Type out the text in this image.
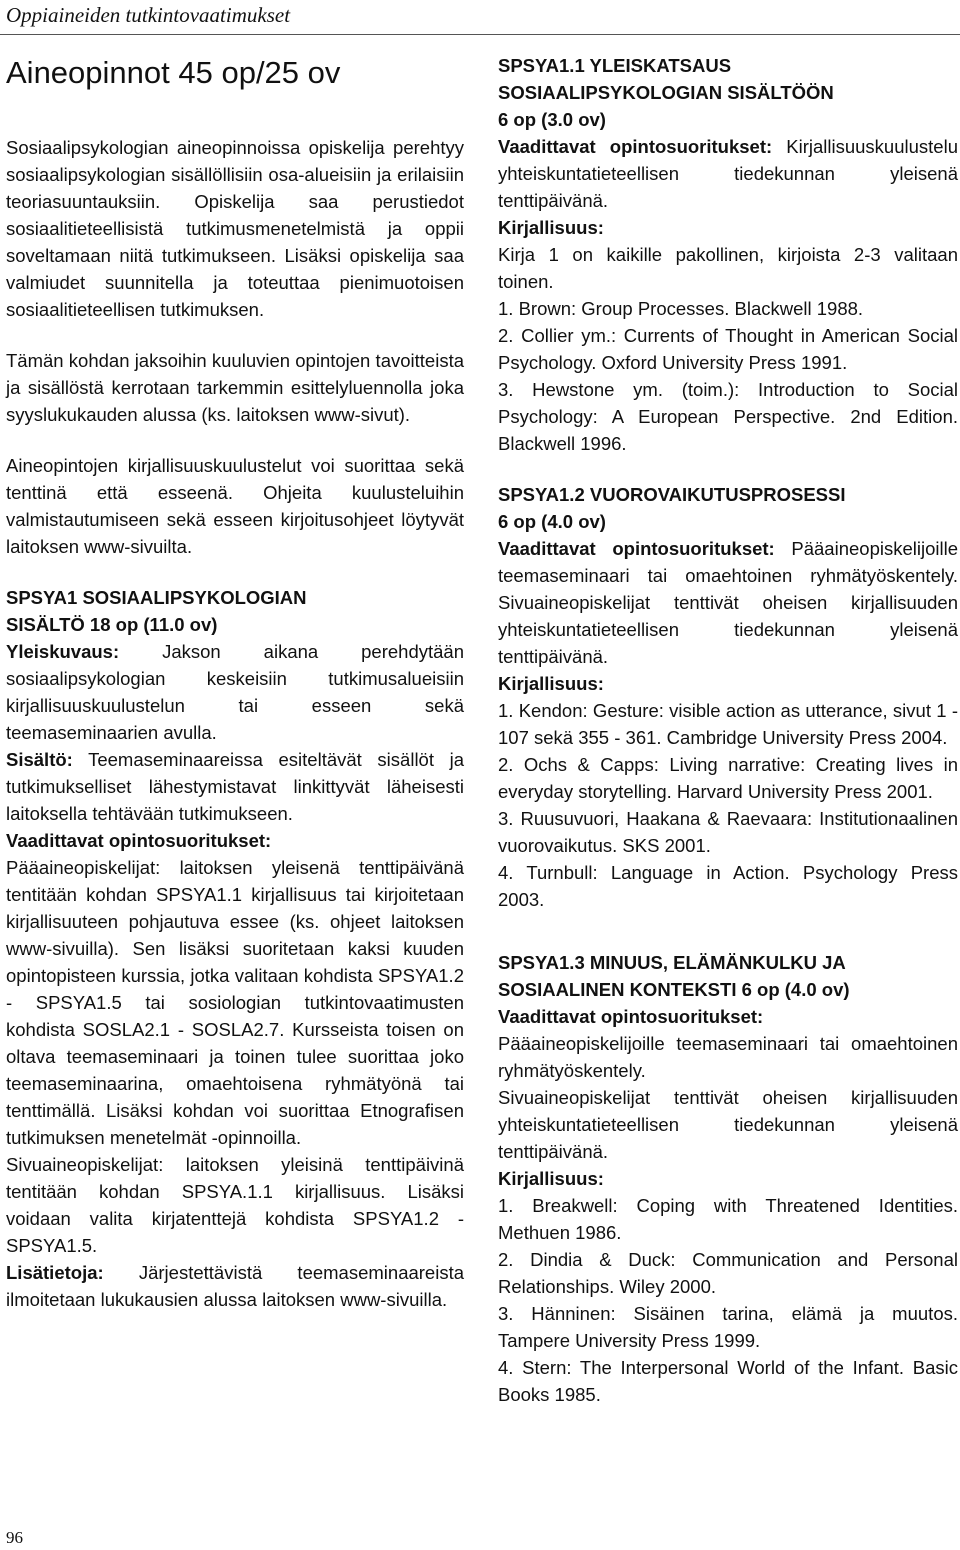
Oppiaineiden tutkintovaatimukset
Aineopinnot 45 op/25 ov

Sosiaalipsykologian aineopinnoissa opiskelija perehtyy sosiaalipsykologian sisällöllisiin osa-alueisiin ja erilaisiin teoriasuuntauksiin. Opiskelija saa perustiedot sosiaalitieteellisistä tutkimusmenetelmistä ja oppii soveltamaan niitä tutkimukseen. Lisäksi opiskelija saa valmiudet suunnitella ja toteuttaa pienimuotoisen sosiaalitieteellisen tutkimuksen.

Tämän kohdan jaksoihin kuuluvien opintojen tavoitteista ja sisällöstä kerrotaan tarkemmin esittelyluennolla joka syyslukukauden alussa (ks. laitoksen www-sivut).

Aineopintojen kirjallisuuskuulustelut voi suorittaa sekä tenttinä että esseenä. Ohjeita kuulusteluihin valmistautumiseen sekä esseen kirjoitusohjeet löytyvät laitoksen www-sivuilta.

SPSYA1 SOSIAALIPSYKOLOGIAN

SISÄLTÖ 18 op (11.0 ov)

Yleiskuvaus: Jakson aikana perehdytään sosiaalipsykologian keskeisiin tutkimusalueisiin kirjallisuuskuulustelun tai esseen sekä teemaseminaarien avulla.

Sisältö: Teemaseminaareissa esiteltävät sisällöt ja tutkimukselliset lähestymistavat linkittyvät läheisesti laitoksella tehtävään tutkimukseen.

Vaadittavat opintosuoritukset:

Pääaineopiskelijat: laitoksen yleisenä tenttipäivänä tentitään kohdan SPSYA1.1 kirjallisuus tai kirjoitetaan kirjallisuuteen pohjautuva essee (ks. ohjeet laitoksen www-sivuilla). Sen lisäksi suoritetaan kaksi kuuden opintopisteen kurssia, jotka valitaan kohdista SPSYA1.2 - SPSYA1.5 tai sosiologian tutkintovaatimusten kohdista SOSLA2.1 - SOSLA2.7. Kursseista toisen on oltava teemaseminaari ja toinen tulee suorittaa joko teemaseminaarina, omaehtoisena ryhmätyönä tai tenttimällä. Lisäksi kohdan voi suorittaa Etnografisen tutkimuksen menetelmät -opinnoilla.

Sivuaineopiskelijat: laitoksen yleisinä tenttipäivinä tentitään kohdan SPSYA.1.1 kirjallisuus. Lisäksi voidaan valita kirjatenttejä kohdista SPSYA1.2 - SPSYA1.5.

Lisätietoja: Järjestettävistä teemaseminaareista ilmoitetaan lukukausien alussa laitoksen www-sivuilla.

SPSYA1.1 YLEISKATSAUS

SOSIAALIPSYKOLOGIAN SISÄLTÖÖN

6 op (3.0 ov)

Vaadittavat opintosuoritukset: Kirjallisuuskuulustelu yhteiskuntatieteellisen tiedekunnan yleisenä tenttipäivänä.

Kirjallisuus:

Kirja 1 on kaikille pakollinen, kirjoista 2-3 valitaan toinen.

1. Brown: Group Processes. Blackwell 1988.

2. Collier ym.: Currents of Thought in American Social Psychology. Oxford University Press 1991.

3. Hewstone ym. (toim.): Introduction to Social Psychology: A European Perspective. 2nd Edition. Blackwell 1996.

SPSYA1.2 VUOROVAIKUTUSPROSESSI

6 op (4.0 ov)

Vaadittavat opintosuoritukset: Pääaineopiskelijoille teemaseminaari tai omaehtoinen ryhmätyöskentely. Sivuaineopiskelijat tenttivät oheisen kirjallisuuden yhteiskuntatieteellisen tiedekunnan yleisenä tenttipäivänä.

Kirjallisuus:

1. Kendon: Gesture: visible action as utterance, sivut 1 - 107 sekä 355 - 361. Cambridge University Press 2004.

2. Ochs & Capps: Living narrative: Creating lives in everyday storytelling. Harvard University Press 2001.

3. Ruusuvuori, Haakana & Raevaara: Institutionaalinen vuorovaikutus. SKS 2001.

4. Turnbull: Language in Action. Psychology Press 2003.

SPSYA1.3 MINUUS, ELÄMÄNKULKU JA

SOSIAALINEN KONTEKSTI 6 op (4.0 ov)

Vaadittavat opintosuoritukset:

Pääaineopiskelijoille teemaseminaari tai omaehtoinen ryhmätyöskentely.

Sivuaineopiskelijat tenttivät oheisen kirjallisuuden yhteiskuntatieteellisen tiedekunnan yleisenä tenttipäivänä.

Kirjallisuus:

1. Breakwell: Coping with Threatened Identities. Methuen 1986.

2. Dindia & Duck: Communication and Personal Relationships. Wiley 2000.

3. Hänninen: Sisäinen tarina, elämä ja muutos. Tampere University Press 1999.

4. Stern: The Interpersonal World of the Infant. Basic Books 1985.

96
